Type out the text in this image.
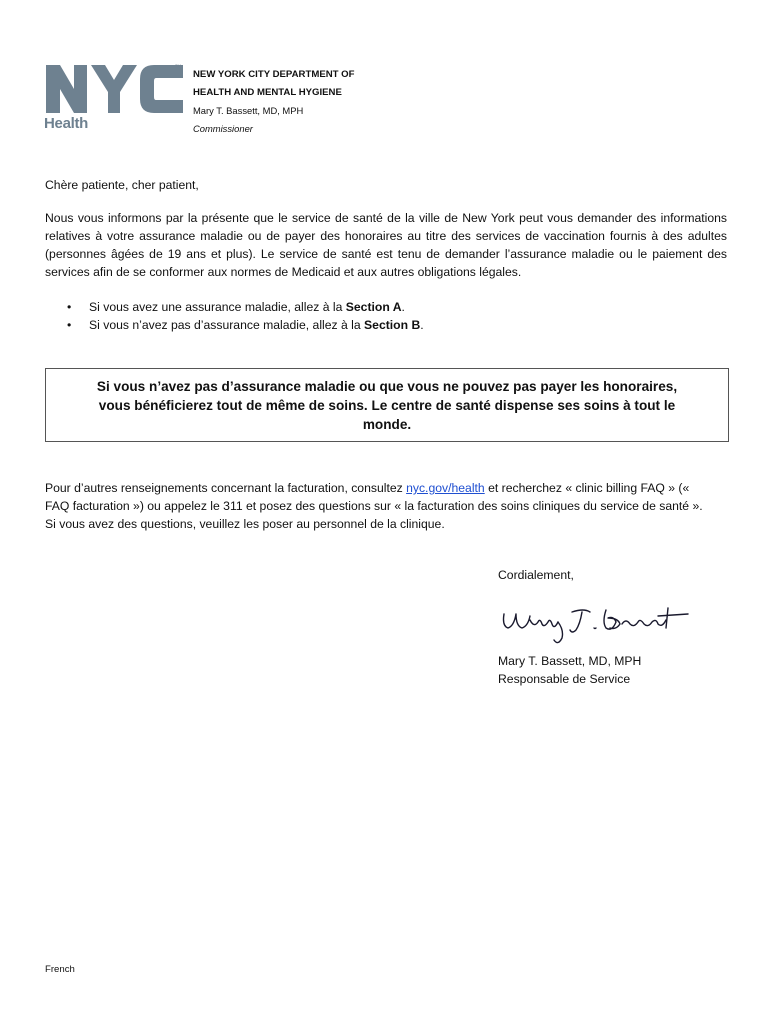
TM
Health
NEW YORK CITY DEPARTMENT OF
HEALTH AND MENTAL HYGIENE
Mary T. Bassett, MD, MPH
Commissioner
Chère patiente, cher patient,

Nous vous informons par la présente que le service de santé de la ville de New York peut vous demander des informations relatives à votre assurance maladie ou de payer des honoraires au titre des services de vaccination fournis à des adultes (personnes âgées de 19 ans et plus). Le service de santé est tenu de demander l’assurance maladie ou le paiement des services afin de se conformer aux normes de Medicaid et aux autres obligations légales.

• Si vous avez une assurance maladie, allez à la Section A.
• Si vous n’avez pas d’assurance maladie, allez à la Section B.
Si vous n’avez pas d’assurance maladie ou que vous ne pouvez pas payer les honoraires, vous bénéficierez tout de même de soins. Le centre de santé dispense ses soins à tout le monde.

Pour d’autres renseignements concernant la facturation, consultez nyc.gov/health et recherchez « clinic billing FAQ » (« FAQ facturation ») ou appelez le 311 et posez des questions sur « la facturation des soins cliniques du service de santé ». Si vous avez des questions, veuillez les poser au personnel de la clinique.

Cordialement,
Mary T. Bassett, MD, MPH
Responsable de Service
French
